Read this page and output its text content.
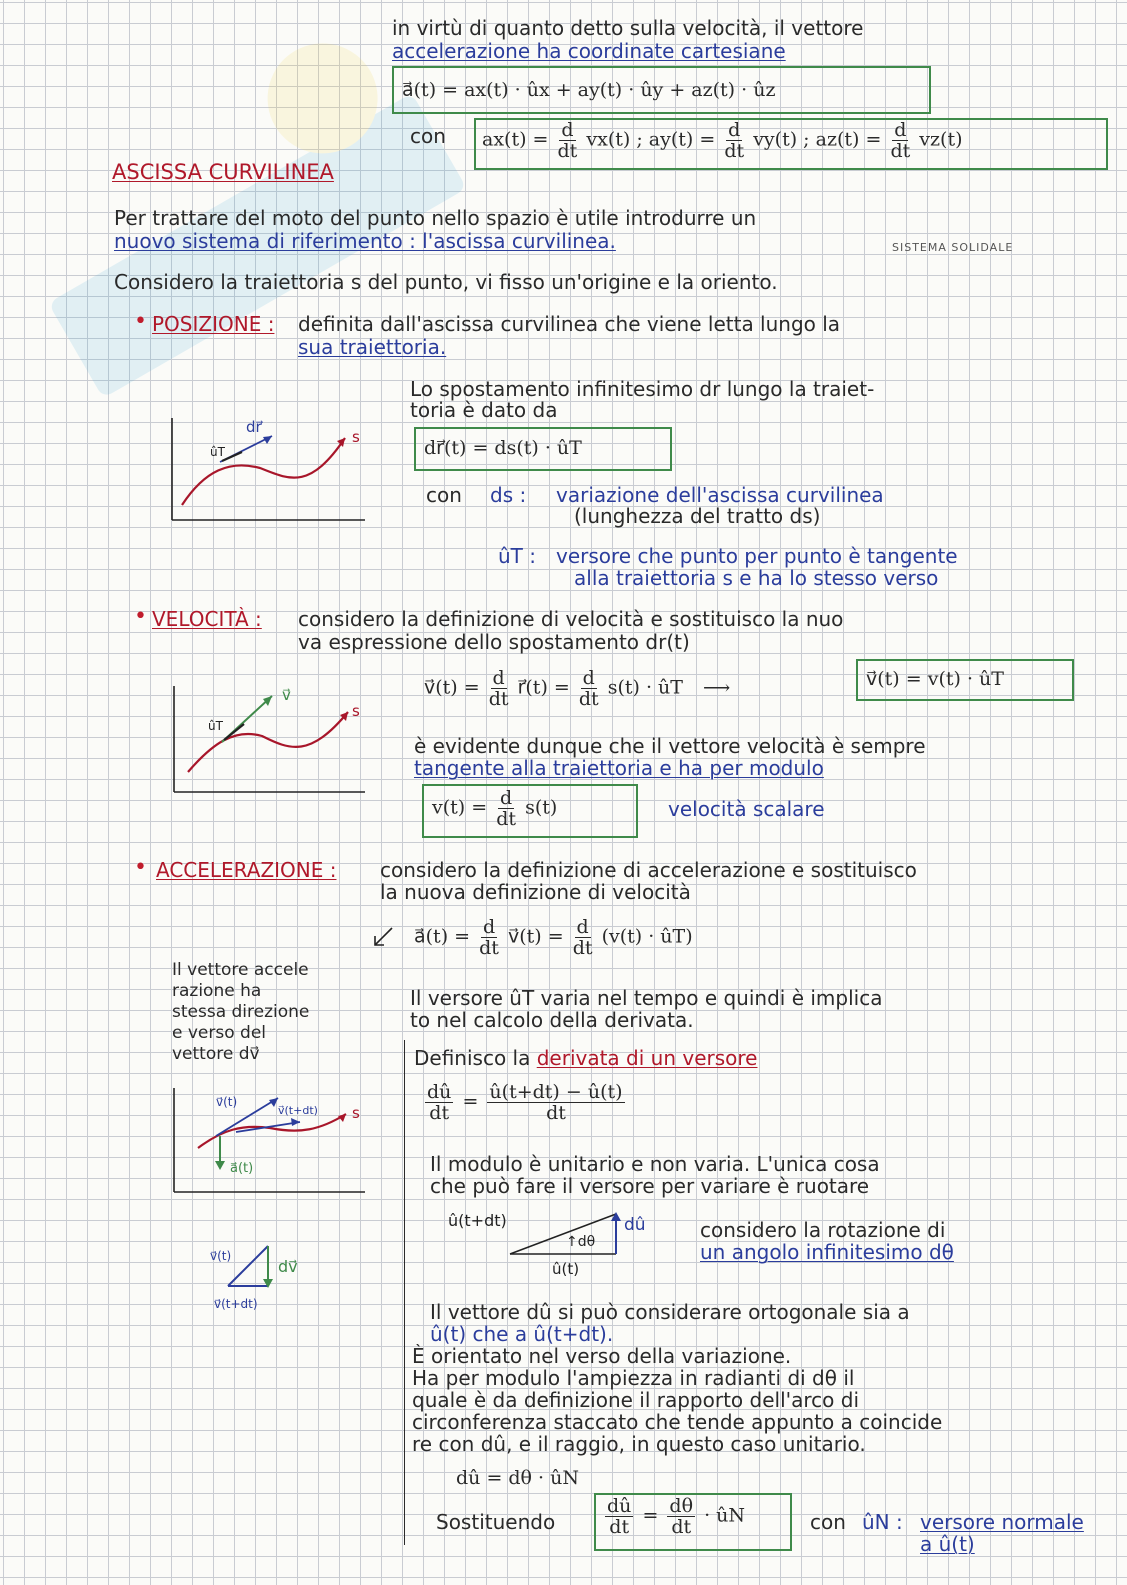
in virtù di quanto detto sulla velocità, il vettore
accelerazione ha coordinate cartesiane
a⃗(t) = ax(t) · ûx + ay(t) · ûy + az(t) · ûz
con $ax(t) = \frac{d}{dt} vx(t)$ ; $ay(t) = \frac{d}{dt} vy(t)$ ; $az(t) = \frac{d}{dt} vz(t)$
ASCISSA CURVILINEA
Per trattare del moto del punto nello spazio è utile introdurre un
nuovo sistema di riferimento : l'ascissa curvilinea.	SISTEMA SOLIDALE
Considero la traiettoria s del punto, vi fisso un'origine e la oriento.
• POSIZIONE : definita dall'ascissa curvilinea che viene letta lungo la
sua traiettoria.
Lo spostamento infinitesimo dr lungo la traiet-
toria è dato da
dr⃗(t) = ds(t) · ûT
con ds : variazione dell'ascissa curvilinea
(lunghezza del tratto ds)
ûT : versore che punto per punto è tangente
alla traiettoria s e ha lo stesso verso
dr⃗
ûT
s
• VELOCITÀ : considero la definizione di velocità e sostituisco la nuo
va espressione dello spostamento dr(t)
v⃗(t) = $\frac{d}{dt}$ r⃗(t) = $\frac{d}{dt} s(t)$ · ûT ⟶	v⃗(t) = v(t) · ûT
è evidente dunque che il vettore velocità è sempre
tangente alla traiettoria e ha per modulo
$v(t) = \frac{d}{dt} s(t)$	velocità scalare
v⃗
ûT
s
• ACCELERAZIONE : considero la definizione di accelerazione e sostituisco
la nuova definizione di velocità
a⃗(t) = $\frac{d}{dt}$ v⃗(t) = $\frac{d}{dt} (v(t)$ · ûT)
Il vettore accele
razione ha
stessa direzione
e verso del
vettore dv⃗
Il versore ûT varia nel tempo e quindi è implica
to nel calcolo della derivata.
Definisco la derivata di un versore
$\frac{dû}{dt} = \frac{û(t+dt) - û(t)}{dt}$
Il modulo è unitario e non varia. L'unica cosa
che può fare il versore per variare è ruotare
û(t+dt)	dû
↑dθ
û(t)
considero la rotazione di
un angolo infinitesimo dθ
Il vettore dû si può considerare ortogonale sia a
û(t) che a û(t+dt).
È orientato nel verso della variazione.
Ha per modulo l'ampiezza in radianti di dθ il
quale è da definizione il rapporto dell'arco di
circonferenza staccato che tende appunto a coincide
re con dû, e il raggio, in questo caso unitario.
dû = dθ · ûN
Sostituendo	$\frac{dû}{dt} = \frac{d\theta}{dt}$ · ûN	con ûN : versore normale
a û(t)
v⃗(t)
v⃗(t+dt) s
a⃗(t)
v⃗(t)
dv⃗
v⃗(t+dt)
